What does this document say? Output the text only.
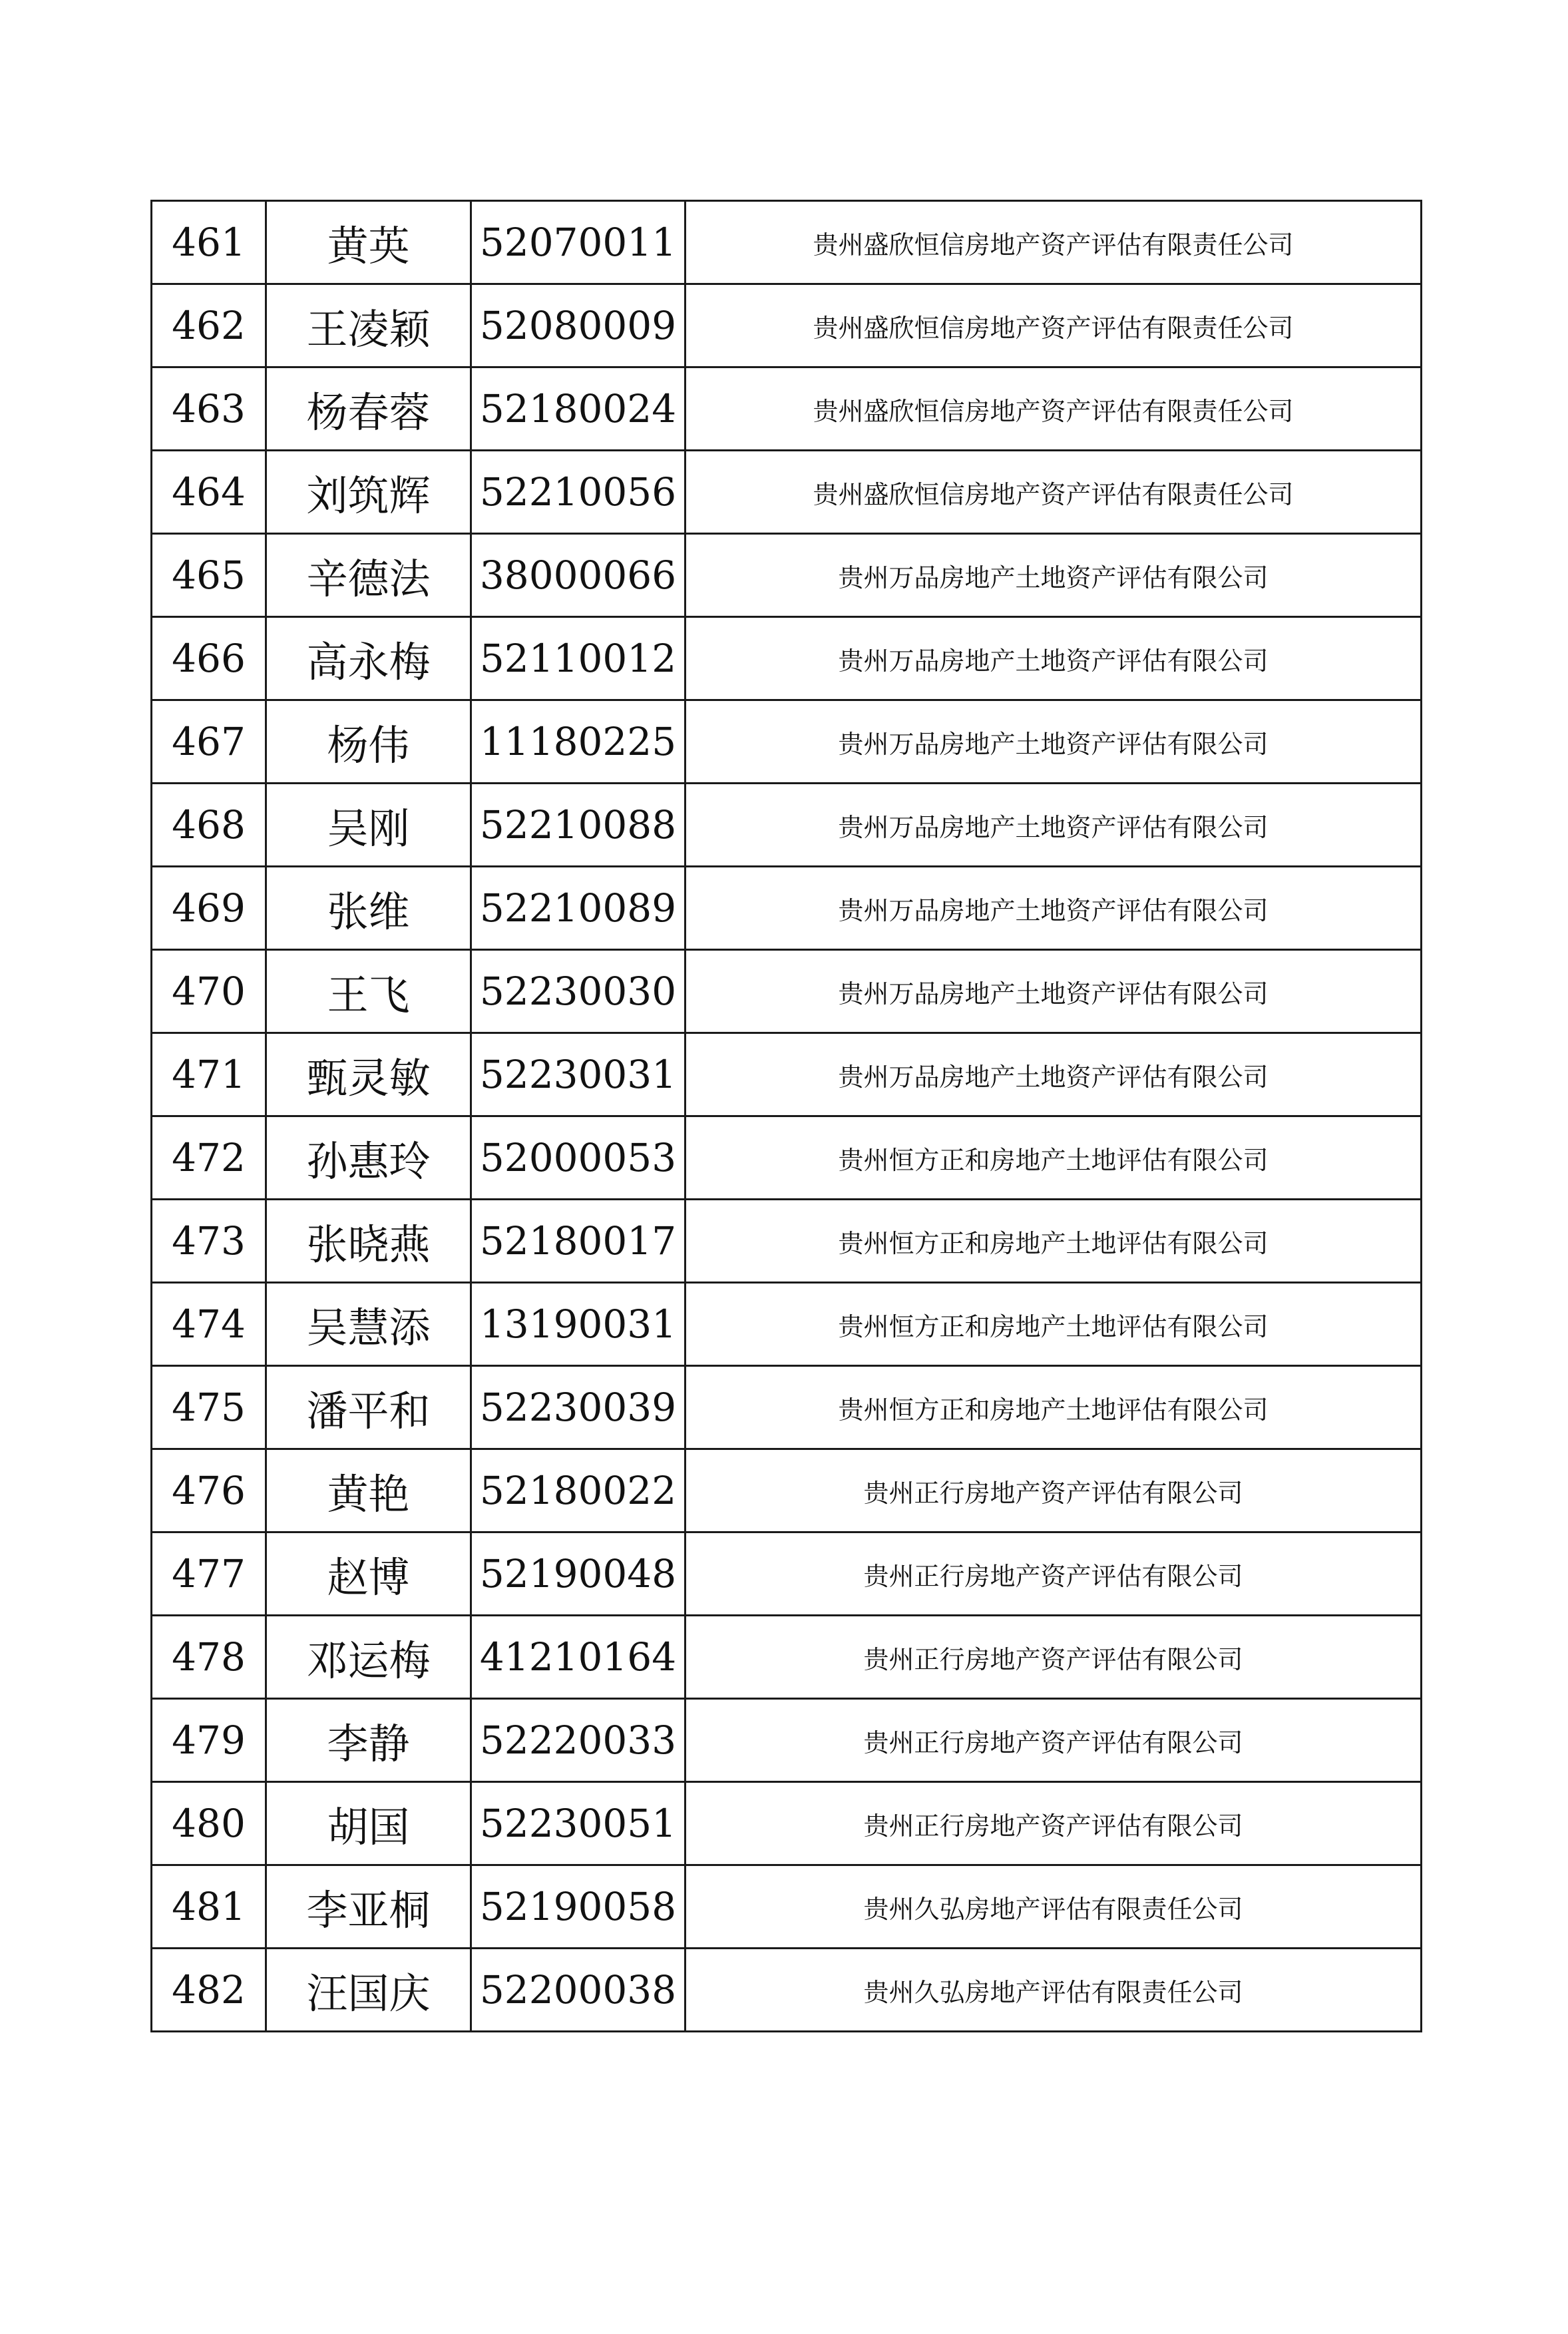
461	黄英	52070011	贵州盛欣恒信房地产资产评估有限责任公司
462	王凌颖	52080009	贵州盛欣恒信房地产资产评估有限责任公司
463	杨春蓉	52180024	贵州盛欣恒信房地产资产评估有限责任公司
464	刘筑辉	52210056	贵州盛欣恒信房地产资产评估有限责任公司
465	辛德法	38000066	贵州万品房地产土地资产评估有限公司
466	高永梅	52110012	贵州万品房地产土地资产评估有限公司
467	杨伟	11180225	贵州万品房地产土地资产评估有限公司
468	吴刚	52210088	贵州万品房地产土地资产评估有限公司
469	张维	52210089	贵州万品房地产土地资产评估有限公司
470	王飞	52230030	贵州万品房地产土地资产评估有限公司
471	甄灵敏	52230031	贵州万品房地产土地资产评估有限公司
472	孙惠玲	52000053	贵州恒方正和房地产土地评估有限公司
473	张晓燕	52180017	贵州恒方正和房地产土地评估有限公司
474	吴慧添	13190031	贵州恒方正和房地产土地评估有限公司
475	潘平和	52230039	贵州恒方正和房地产土地评估有限公司
476	黄艳	52180022	贵州正行房地产资产评估有限公司
477	赵博	52190048	贵州正行房地产资产评估有限公司
478	邓运梅	41210164	贵州正行房地产资产评估有限公司
479	李静	52220033	贵州正行房地产资产评估有限公司
480	胡国	52230051	贵州正行房地产资产评估有限公司
481	李亚桐	52190058	贵州久弘房地产评估有限责任公司
482	汪国庆	52200038	贵州久弘房地产评估有限责任公司
